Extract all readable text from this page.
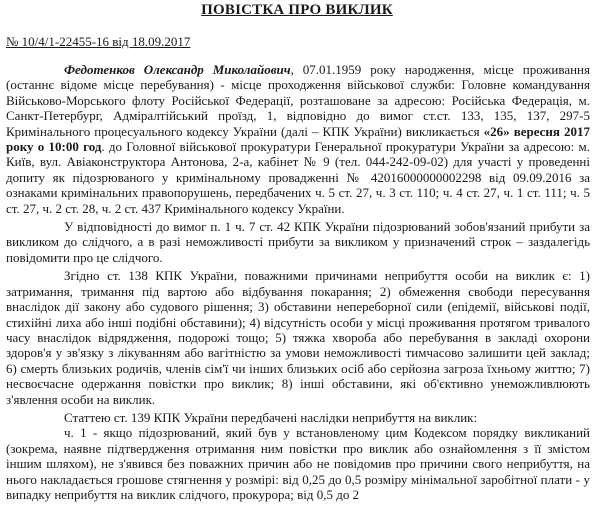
ПОВІСТКА ПРО ВИКЛИК
№ 10/4/1-22455-16 від 18.09.2017

Федотенков Олександр Миколайович, 07.01.1959 року народження, місце проживання (останнє відоме місце перебування) - місце проходження військової служби: Головне командування Військово-Морського флоту Російської Федерації, розташоване за адресою: Російська Федерація, м. Санкт-Петербург, Адміралтійський проїзд, 1, відповідно до вимог ст.ст. 133, 135, 137, 297-5 Кримінального процесуального кодексу України (далі – КПК України) викликається «26» вересня 2017 року о 10:00 год. до Головної військової прокуратури Генеральної прокуратури України за адресою: м. Київ, вул. Авіаконструктора Антонова, 2-а, кабінет № 9 (тел. 044-242-09-02) для участі у проведенні допиту як підозрюваного у кримінальному провадженні № 42016000000002298 від 09.09.2016 за ознаками кримінальних правопорушень, передбачених ч. 5 ст. 27, ч. 3 ст. 110; ч. 4 ст. 27, ч. 1 ст. 111; ч. 5 ст. 27, ч. 2 ст. 28, ч. 2 ст. 437 Кримінального кодексу України.

У відповідності до вимог п. 1 ч. 7 ст. 42 КПК України підозрюваний зобов'язаний прибути за викликом до слідчого, а в разі неможливості прибути за викликом у призначений строк – заздалегідь повідомити про це слідчого.

Згідно ст. 138 КПК України, поважними причинами неприбуття особи на виклик є: 1) затримання, тримання під вартою або відбування покарання; 2) обмеження свободи пересування внаслідок дії закону або судового рішення; 3) обставини непереборної сили (епідемії, військові події, стихійні лиха або інші подібні обставини); 4) відсутність особи у місці проживання протягом тривалого часу внаслідок відрядження, подорожі тощо; 5) тяжка хвороба або перебування в закладі охорони здоров'я у зв'язку з лікуванням або вагітністю за умови неможливості тимчасово залишити цей заклад; 6) смерть близьких родичів, членів сім'ї чи інших близьких осіб або серйозна загроза їхньому життю; 7) несвоєчасне одержання повістки про виклик; 8) інші обставини, які об'єктивно унеможливлюють з'явлення особи на виклик.

Статтею ст. 139 КПК України передбачені наслідки неприбуття на виклик:

ч. 1 - якщо підозрюваний, який був у встановленому цим Кодексом порядку викликаний (зокрема, наявне підтвердження отримання ним повістки про виклик або ознайомлення з її змістом іншим шляхом), не з'явився без поважних причин або не повідомив про причини свого неприбуття, на нього накладається грошове стягнення у розмірі: від 0,25 до 0,5 розміру мінімальної заробітної плати - у випадку неприбуття на виклик слідчого, прокурора; від 0,5 до 2
